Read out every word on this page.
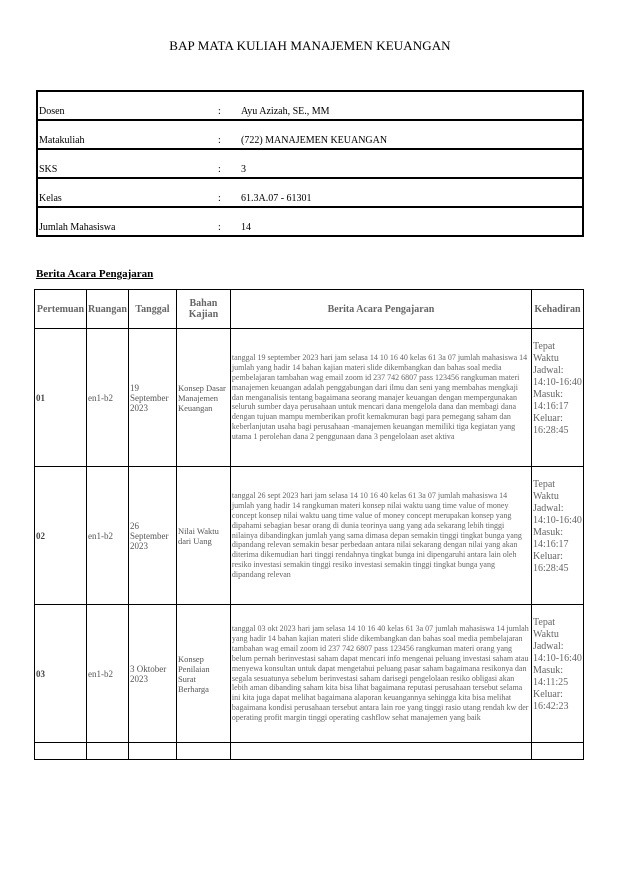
BAP MATA KULIAH MANAJEMEN KEUANGAN
Dosen	:	Ayu Azizah, SE., MM
Matakuliah	:	(722) MANAJEMEN KEUANGAN
SKS	:	3
Kelas	:	61.3A.07 - 61301
Jumlah Mahasiswa	:	14
Berita Acara Pengajaran
Pertemuan	Ruangan	Tanggal	Bahan Kajian	Berita Acara Pengajaran	Kehadiran
01	en1-b2	19 September 2023	Konsep Dasar Manajemen Keuangan	tanggal 19 september 2023 hari jam selasa 14 10 16 40 kelas 61 3a 07 jumlah mahasiswa 14 jumlah yang hadir 14 bahan kajian materi slide dikembangkan dan bahas soal media pembelajaran tambahan wag email zoom id 237 742 6807 pass 123456 rangkuman materi manajemen keuangan adalah penggabungan dari ilmu dan seni yang membahas mengkaji dan menganalisis tentang bagaimana seorang manajer keuangan dengan mempergunakan seluruh sumber daya perusahaan untuk mencari dana mengelola dana dan membagi dana dengan tujuan mampu memberikan profit kemakmuran bagi para pemegang saham dan keberlanjutan usaha bagi perusahaan -manajemen keuangan memiliki tiga kegiatan yang utama 1 perolehan dana 2 penggunaan dana 3 pengelolaan aset aktiva	Tepat Waktu Jadwal: 14:10-16:40 Masuk: 14:16:17 Keluar: 16:28:45
02	en1-b2	26 September 2023	Nilai Waktu dari Uang	tanggal 26 sept 2023 hari jam selasa 14 10 16 40 kelas 61 3a 07 jumlah mahasiswa 14 jumlah yang hadir 14 rangkuman materi konsep nilai waktu uang time value of money concept konsep nilai waktu uang time value of money concept merupakan konsep yang dipahami sebagian besar orang di dunia teorinya uang yang ada sekarang lebih tinggi nilainya dibandingkan jumlah yang sama dimasa depan semakin tinggi tingkat bunga yang dipandang relevan semakin besar perbedaan antara nilai sekarang dengan nilai yang akan diterima dikemudian hari tinggi rendahnya tingkat bunga ini dipengaruhi antara lain oleh resiko investasi semakin tinggi resiko investasi semakin tinggi tingkat bunga yang dipandang relevan	Tepat Waktu Jadwal: 14:10-16:40 Masuk: 14:16:17 Keluar: 16:28:45
03	en1-b2	3 Oktober 2023	Konsep Penilaian Surat Berharga	tanggal 03 okt 2023 hari jam selasa 14 10 16 40 kelas 61 3a 07 jumlah mahasiswa 14 jumlah yang hadir 14 bahan kajian materi slide dikembangkan dan bahas soal media pembelajaran tambahan wag email zoom id 237 742 6807 pass 123456 rangkuman materi orang yang belum pernah berinvestasi saham dapat mencari info mengenai peluang investasi saham atau menyewa konsultan untuk dapat mengetahui peluang pasar saham bagaimana resikonya dan segala sesuatunya sebelum berinvestasi saham darisegi pengelolaan resiko obligasi akan lebih aman dibanding saham kita bisa lihat bagaimana reputasi perusahaan tersebut selama ini kita juga dapat melihat bagaimana alaporan keuangannya sehingga kita bisa melihat bagaimana kondisi perusahaan tersebut antara lain roe yang tinggi rasio utang rendah kw der operating profit margin tinggi operating cashflow sehat manajemen yang baik	Tepat Waktu Jadwal: 14:10-16:40 Masuk: 14:11:25 Keluar: 16:42:23
